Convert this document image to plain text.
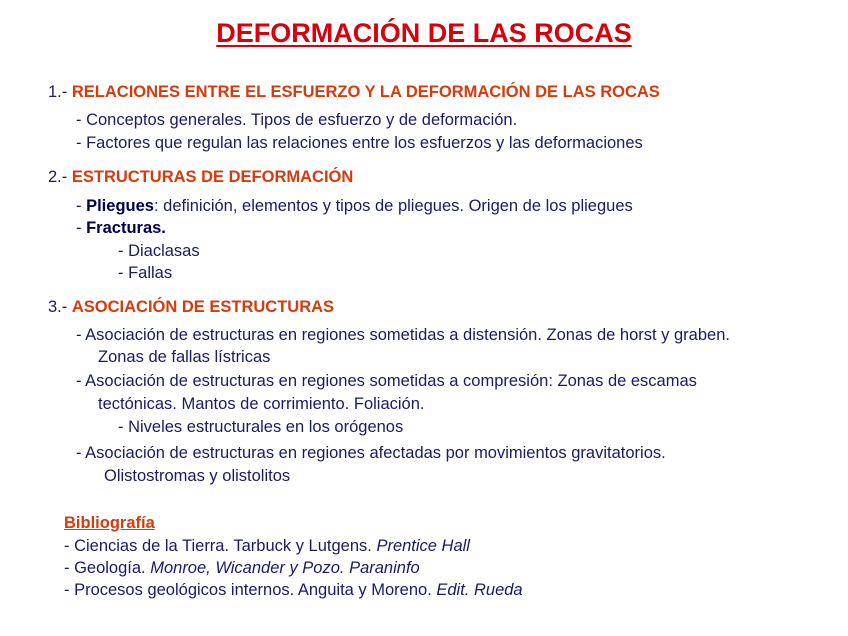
DEFORMACIÓN DE LAS ROCAS
1.- RELACIONES ENTRE EL ESFUERZO Y LA DEFORMACIÓN DE LAS ROCAS
- Conceptos generales. Tipos de esfuerzo y de deformación.
- Factores que regulan las relaciones entre los esfuerzos y las deformaciones
2.- ESTRUCTURAS DE DEFORMACIÓN
- Pliegues: definición, elementos y tipos de pliegues. Origen de los pliegues
- Fracturas.
- Diaclasas
- Fallas
3.- ASOCIACIÓN DE ESTRUCTURAS
- Asociación de estructuras en regiones sometidas a distensión. Zonas de horst y graben.
Zonas de fallas lístricas
- Asociación de estructuras en regiones sometidas a compresión: Zonas de escamas
tectónicas. Mantos de corrimiento. Foliación.
- Niveles estructurales en los orógenos
- Asociación de estructuras en regiones afectadas por movimientos gravitatorios.
Olistostromas y olistolitos
Bibliografía
- Ciencias de la Tierra. Tarbuck y Lutgens. Prentice Hall
- Geología. Monroe, Wicander y Pozo. Paraninfo
- Procesos geológicos internos. Anguita y Moreno. Edit. Rueda
